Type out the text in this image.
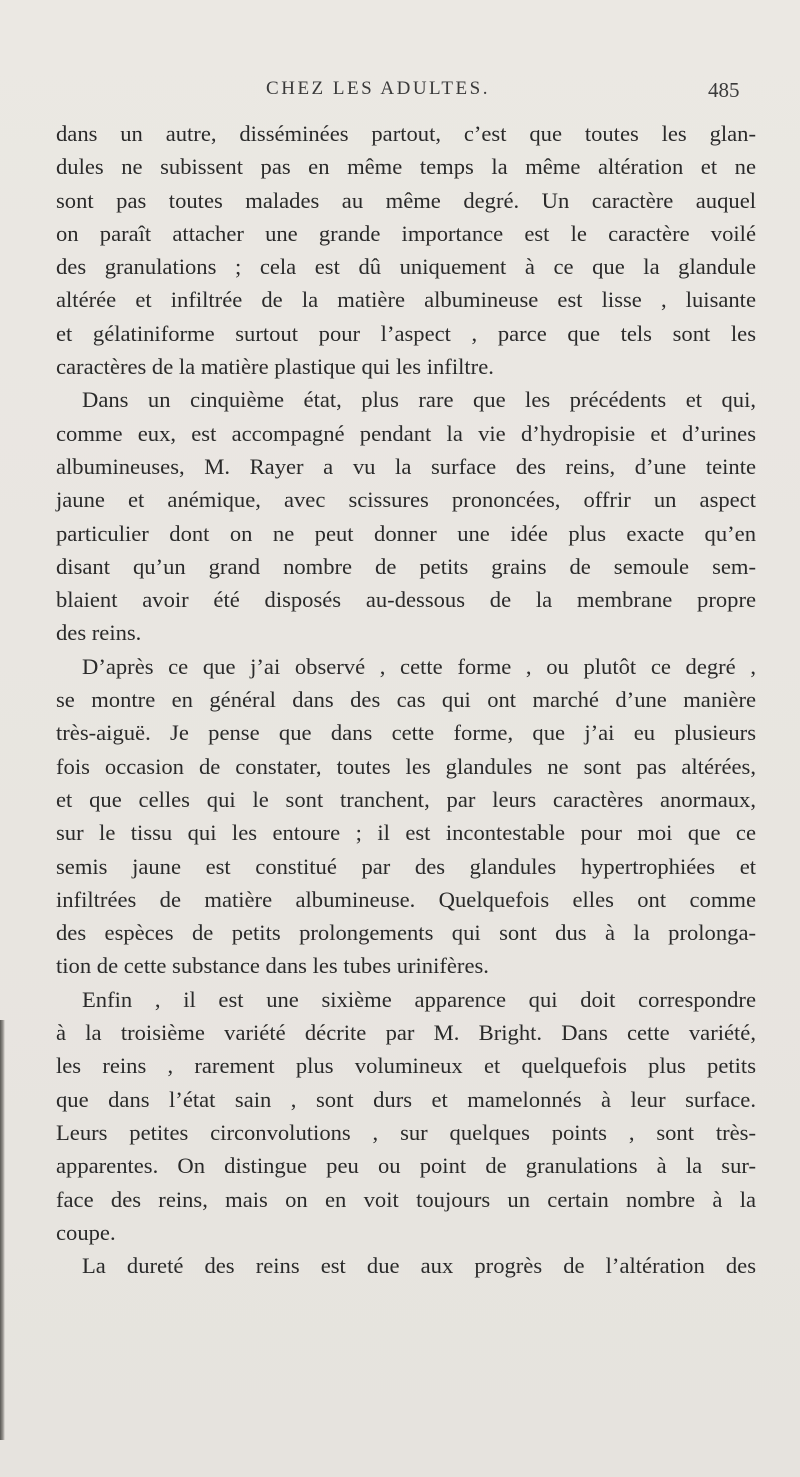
CHEZ LES ADULTES.	485
dans un autre, disséminées partout, c’est que toutes les glan-
dules ne subissent pas en même temps la même altération et ne
sont pas toutes malades au même degré. Un caractère auquel
on paraît attacher une grande importance est le caractère voilé
des granulations ; cela est dû uniquement à ce que la glandule
altérée et infiltrée de la matière albumineuse est lisse , luisante
et gélatiniforme surtout pour l’aspect , parce que tels sont les
caractères de la matière plastique qui les infiltre.
Dans un cinquième état, plus rare que les précédents et qui,
comme eux, est accompagné pendant la vie d’hydropisie et d’urines
albumineuses, M. Rayer a vu la surface des reins, d’une teinte
jaune et anémique, avec scissures prononcées, offrir un aspect
particulier dont on ne peut donner une idée plus exacte qu’en
disant qu’un grand nombre de petits grains de semoule sem-
blaient avoir été disposés au-dessous de la membrane propre
des reins.
D’après ce que j’ai observé , cette forme , ou plutôt ce degré ,
se montre en général dans des cas qui ont marché d’une manière
très-aiguë. Je pense que dans cette forme, que j’ai eu plusieurs
fois occasion de constater, toutes les glandules ne sont pas altérées,
et que celles qui le sont tranchent, par leurs caractères anormaux,
sur le tissu qui les entoure ; il est incontestable pour moi que ce
semis jaune est constitué par des glandules hypertrophiées et
infiltrées de matière albumineuse. Quelquefois elles ont comme
des espèces de petits prolongements qui sont dus à la prolonga-
tion de cette substance dans les tubes urinifères.
Enfin , il est une sixième apparence qui doit correspondre
à la troisième variété décrite par M. Bright. Dans cette variété,
les reins , rarement plus volumineux et quelquefois plus petits
que dans l’état sain , sont durs et mamelonnés à leur surface.
Leurs petites circonvolutions , sur quelques points , sont très-
apparentes. On distingue peu ou point de granulations à la sur-
face des reins, mais on en voit toujours un certain nombre à la
coupe.
La dureté des reins est due aux progrès de l’altération des
